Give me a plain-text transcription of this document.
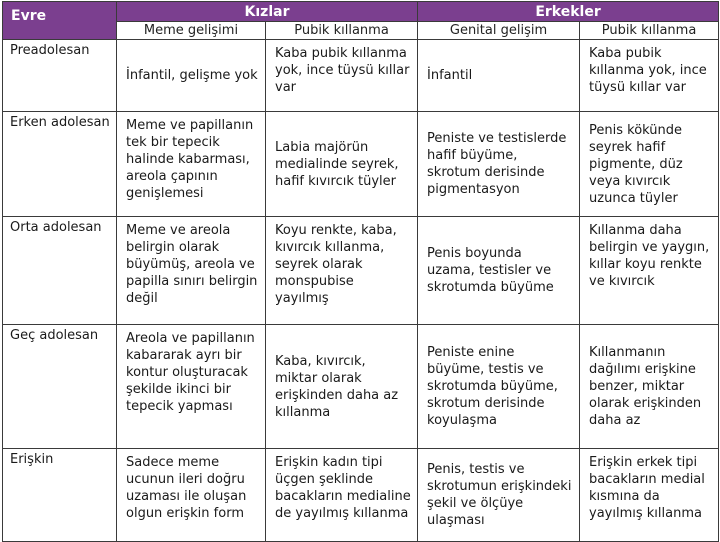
Evre	Kızlar		Erkekler	
	Meme gelişimi	Pubik kıllanma	Genital gelişim	Pubik kıllanma
Preadolesan	İnfantil, gelişme yok	Kaba pubik kıllanma yok, ince tüysü kıllar var	İnfantil	Kaba pubik kıllanma yok, ince tüysü kıllar var
Erken adolesan	Meme ve papillanın tek bir tepecik halinde kabarması, areola çapının genişlemesi	Labia majörün medialinde seyrek, hafif kıvırcık tüyler	Peniste ve testislerde hafif büyüme, skrotum derisinde pigmentasyon	Penis kökünde seyrek hafif pigmente, düz veya kıvırcık uzunca tüyler
Orta adolesan	Meme ve areola belirgin olarak büyümüş, areola ve papilla sınırı belirgin değil	Koyu renkte, kaba, kıvırcık kıllanma, seyrek olarak monspubise yayılmış	Penis boyunda uzama, testisler ve skrotumda büyüme	Kıllanma daha belirgin ve yaygın, kıllar koyu renkte ve kıvırcık
Geç adolesan	Areola ve papillanın kabararak ayrı bir kontur oluşturacak şekilde ikinci bir tepecik yapması	Kaba, kıvırcık, miktar olarak erişkinden daha az kıllanma	Peniste enine büyüme, testis ve skrotumda büyüme, skrotum derisinde koyulaşma	Kıllanmanın dağılımı erişkine benzer, miktar olarak erişkinden daha az
Erişkin	Sadece meme ucunun ileri doğru uzaması ile oluşan olgun erişkin form	Erişkin kadın tipi üçgen şeklinde bacakların medialine de yayılmış kıllanma	Penis, testis ve skrotumun erişkindeki şekil ve ölçüye ulaşması	Erişkin erkek tipi bacakların medial kısmına da yayılmış kıllanma
